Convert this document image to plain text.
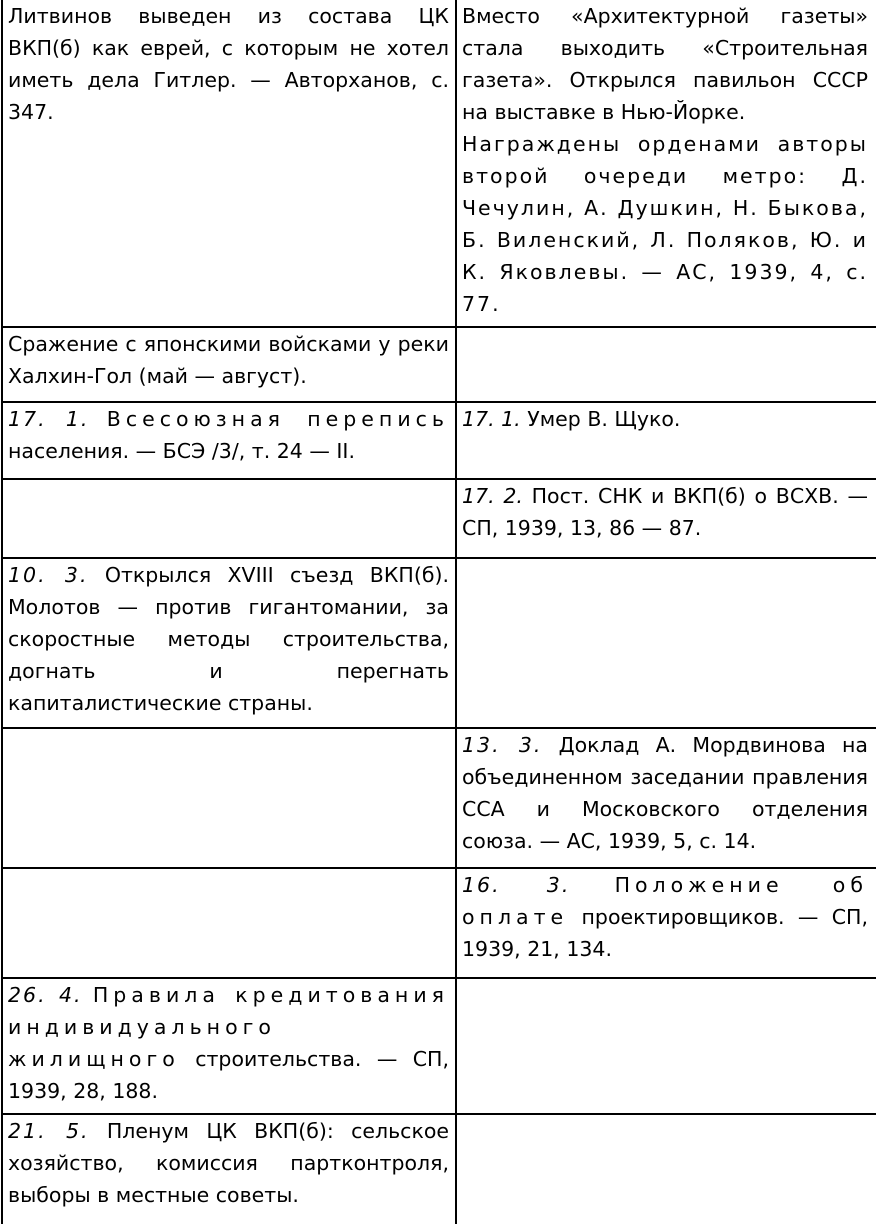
Литвинов выведен из состава ЦК ВКП(б) как еврей, с которым не хотел иметь дела Гитлер. — Авторханов, с. 347.	Вместо «Архитектурной газеты» стала выходить «Строительная газета». Открылся павильон СССР на выставке в Нью-Йорке.
Награждены орденами авторы второй очереди метро: Д. Чечулин, А. Душкин, Н. Быкова, Б. Виленский, Л. Поляков, Ю. и К. Яковлевы. — АС, 1939, 4, с. 77.

Сражение с японскими войсками у реки Халхин-Гол (май — август).	
17. 1. Всесоюзная перепись населения. — БСЭ /3/, т. 24 — II.	17. 1. Умер В. Щуко.
	17. 2. Пост. СНК и ВКП(б) о ВСХВ. — СП, 1939, 13, 86 — 87.
10. 3. Открылся XVIII съезд ВКП(б). Молотов — против гигантомании, за скоростные методы строительства, догнать и перегнать капиталистические страны.	
	13. 3. Доклад А. Мордвинова на объединенном заседании правления ССА и Московского отделения союза. — АС, 1939, 5, с. 14.
	16. 3. Положение об оплате проектировщиков. — СП, 1939, 21, 134.
26. 4. Правила кредитования индивидуального жилищного строительства. — СП, 1939, 28, 188.	
21. 5. Пленум ЦК ВКП(б): сельское хозяйство, комиссия партконтроля, выборы в местные советы.	
